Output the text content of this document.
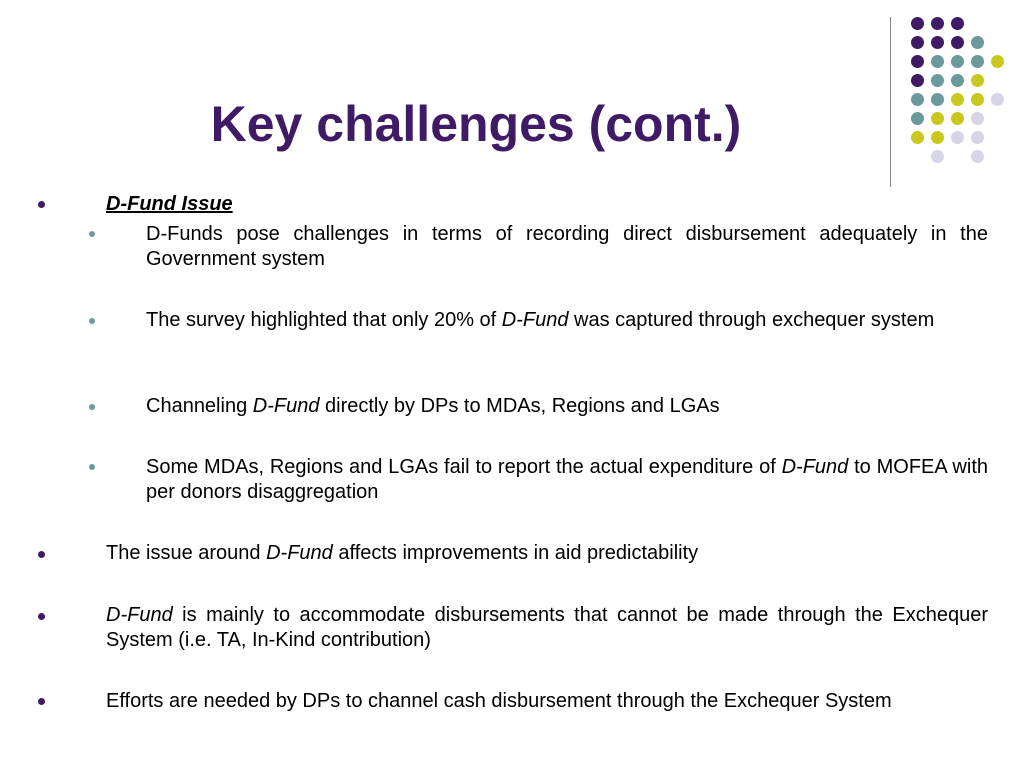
Key challenges (cont.)
D-Fund Issue
D-Funds pose challenges in terms of recording direct disbursement adequately in the Government system
The survey highlighted that only 20% of D-Fund was captured through exchequer system
Channeling D-Fund directly by DPs to MDAs, Regions and LGAs
Some MDAs, Regions and LGAs fail to report the actual expenditure of D-Fund to MOFEA with per donors disaggregation
The issue around D-Fund affects improvements in aid predictability
D-Fund is mainly to accommodate disbursements that cannot be made through the Exchequer System (i.e. TA, In-Kind contribution)
Efforts are needed by DPs to channel cash disbursement through the Exchequer System
